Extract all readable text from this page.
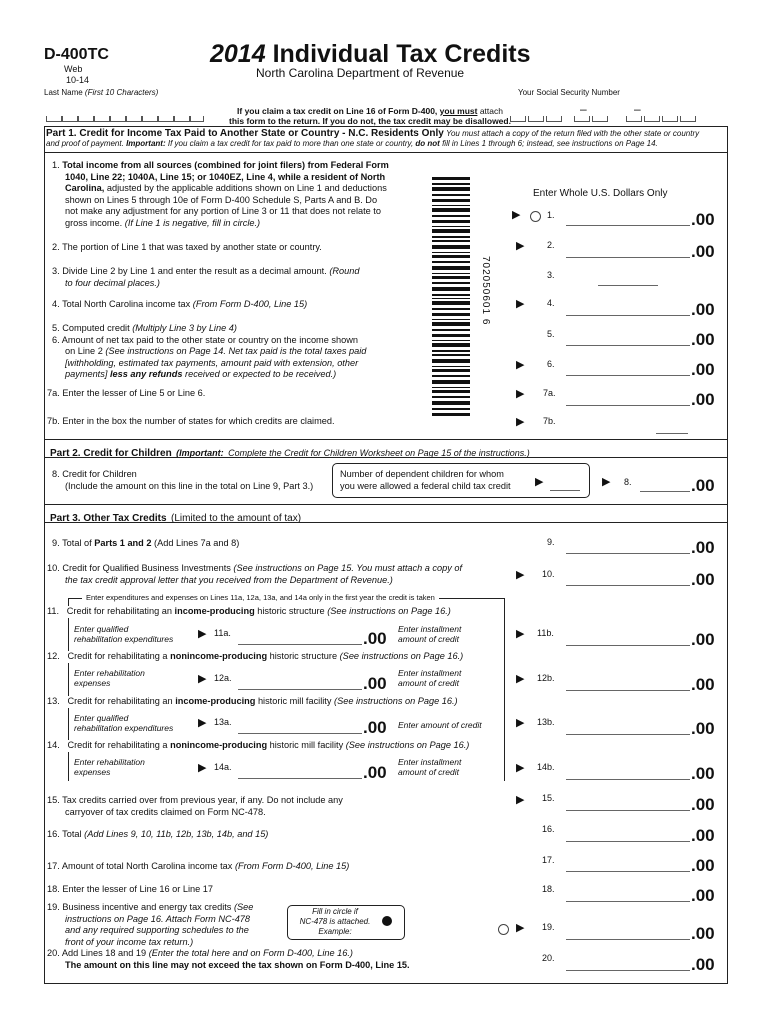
D-400TC
Web
10-14
Last Name (First 10 Characters)
2014 Individual Tax Credits
North Carolina Department of Revenue
Your Social Security Number
–	–
If you claim a tax credit on Line 16 of Form D-400, you must attach
this form to the return. If you do not, the tax credit may be disallowed.
Part 1. Credit for Income Tax Paid to Another State or Country - N.C. Residents Only You must attach a copy of the return filed with the other state or country
and proof of payment. Important: If you claim a tax credit for tax paid to more than one state or country, do not fill in Lines 1 through 6; instead, see instructions on Page 14.
702050601 6
Enter Whole U.S. Dollars Only
1. Total income from all sources (combined for joint filers) from Federal Form
1040, Line 22; 1040A, Line 15; or 1040EZ, Line 4, while a resident of North
Carolina, adjusted by the applicable additions shown on Line 1 and deductions
shown on Lines 5 through 10e of Form D-400 Schedule S, Parts A and B. Do
not make any adjustment for any portion of Line 3 or 11 that does not relate to
gross income. (If Line 1 is negative, fill in circle.)
▶	1.	.00
2. The portion of Line 1 that was taxed by another state or country.	▶	2.	.00
3. Divide Line 2 by Line 1 and enter the result as a decimal amount. (Round
to four decimal places.)
3.
4. Total North Carolina income tax (From Form D-400, Line 15)	▶	4.	.00
5. Computed credit (Multiply Line 3 by Line 4)
6. Amount of net tax paid to the other state or country on the income shown
on Line 2 (See instructions on Page 14. Net tax paid is the total taxes paid
[withholding, estimated tax payments, amount paid with extension, other
payments] less any refunds received or expected to be received.)
5.	.00
▶	6.	.00
7a. Enter the lesser of Line 5 or Line 6.	▶ 7a.	.00
7b. Enter in the box the number of states for which credits are claimed.	▶ 7b.
Part 2. Credit for Children (Important: Complete the Credit for Children Worksheet on Page 15 of the instructions.)
8. Credit for Children
(Include the amount on this line in the total on Line 9, Part 3.)
Number of dependent children for whom
you were allowed a federal child tax credit ▶	▶ 8.	.00
Part 3. Other Tax Credits (Limited to the amount of tax)
9. Total of Parts 1 and 2 (Add Lines 7a and 8)	9.	.00
10. Credit for Qualified Business Investments (See instructions on Page 15. You must attach a copy of
the tax credit approval letter that you received from the Department of Revenue.)	▶ 10.	.00
Enter expenditures and expenses on Lines 11a, 12a, 13a, and 14a only in the first year the credit is taken
11. Credit for rehabilitating an income-producing historic structure (See instructions on Page 16.)
Enter qualified
rehabilitation expenditures ▶ 11a.	.00 Enter installment
amount of credit	▶ 11b.	.00
12. Credit for rehabilitating a nonincome-producing historic structure (See instructions on Page 16.)
Enter rehabilitation
expenses	▶ 12a.	.00
Enter installment
amount of credit	▶ 12b.	.00
13. Credit for rehabilitating an income-producing historic mill facility (See instructions on Page 16.)
Enter qualified
rehabilitation expenditures ▶ 13a.	.00 Enter amount of credit	▶ 13b.	.00
14. Credit for rehabilitating a nonincome-producing historic mill facility (See instructions on Page 16.)
Enter rehabilitation
expenses	▶ 14a.	.00
Enter installment
amount of credit	▶ 14b.	.00
15. Tax credits carried over from previous year, if any. Do not include any
carryover of tax credits claimed on Form NC-478.
▶ 15.	.00
16. Total (Add Lines 9, 10, 11b, 12b, 13b, 14b, and 15)	16.	.00
17. Amount of total North Carolina income tax (From Form D-400, Line 15)
17.	.00
18. Enter the lesser of Line 16 or Line 17	18.	.00
19. Business incentive and energy tax credits (See
instructions on Page 16. Attach Form NC-478
and any required supporting schedules to the
front of your income tax return.)
Fill in circle if
NC-478 is attached.
Example:	▶ 19.	.00
20. Add Lines 18 and 19 (Enter the total here and on Form D-400, Line 16.)
The amount on this line may not exceed the tax shown on Form D-400, Line 15.
20.	.00
